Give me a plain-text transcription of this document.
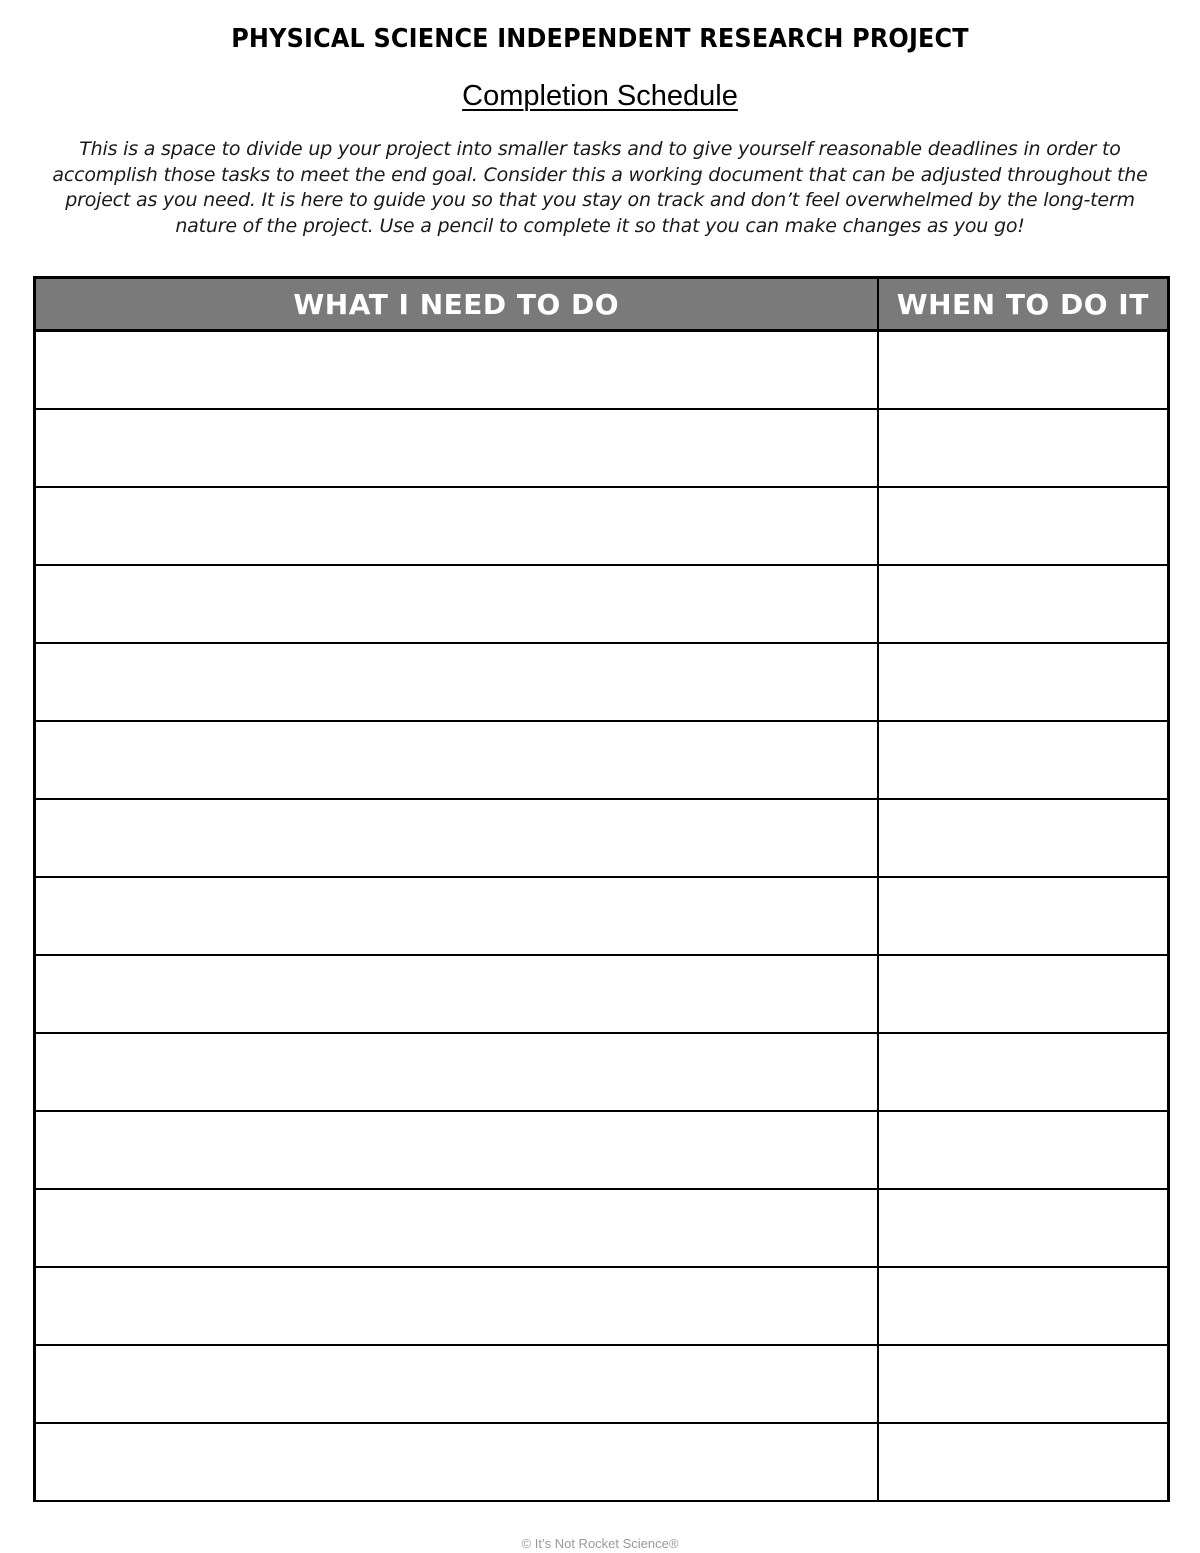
PHYSICAL SCIENCE INDEPENDENT RESEARCH PROJECT
Completion Schedule
This is a space to divide up your project into smaller tasks and to give yourself reasonable deadlines in order to accomplish those tasks to meet the end goal. Consider this a working document that can be adjusted throughout the project as you need. It is here to guide you so that you stay on track and don’t feel overwhelmed by the long-term nature of the project. Use a pencil to complete it so that you can make changes as you go!
WHAT I NEED TO DO	WHEN TO DO IT

© It’s Not Rocket Science®
